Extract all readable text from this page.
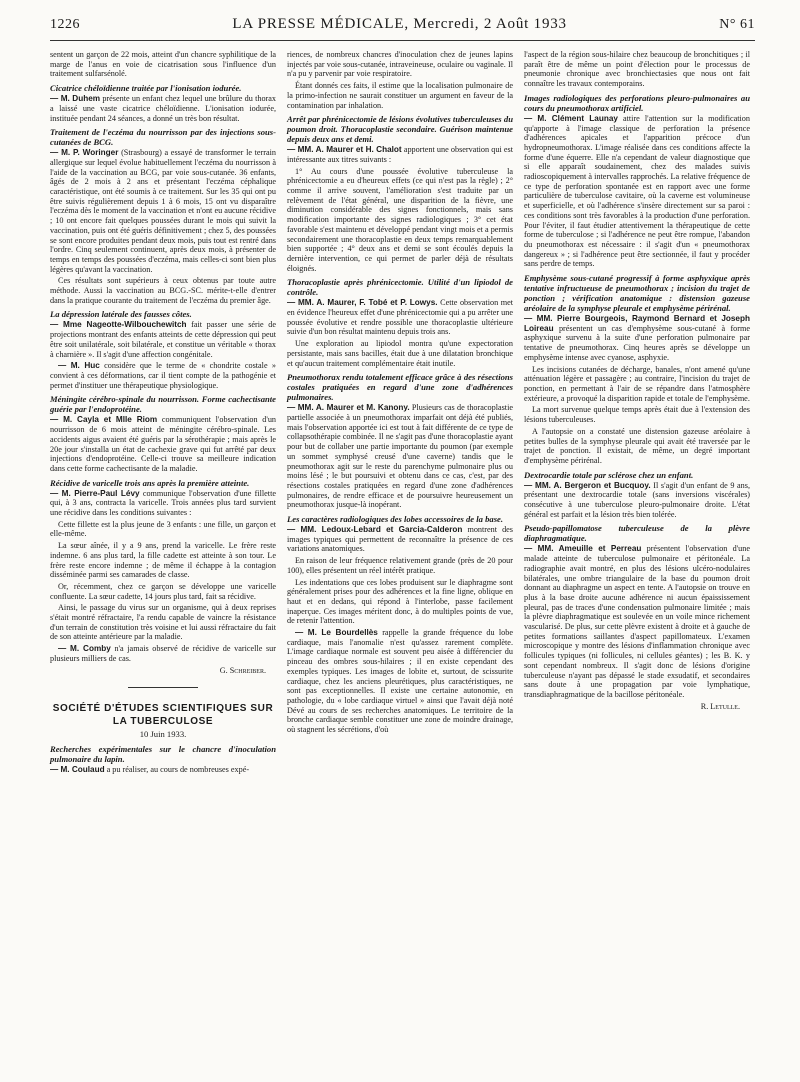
1226	LA PRESSE MÉDICALE, Mercredi, 2 Août 1933	N° 61

sentent un garçon de 22 mois, atteint d'un chancre syphilitique de la marge de l'anus en voie de cicatrisation sous l'influence d'un traitement sulfarsénolé.

Cicatrice chéloïdienne traitée par l'ionisation iodurée.

— M. Duhem présente un enfant chez lequel une brûlure du thorax a laissé une vaste cicatrice chéloïdienne. L'ionisation iodurée, instituée pendant 24 séances, a donné un très bon résultat.

Traitement de l'eczéma du nourrisson par des injections sous-cutanées de BCG.

— M. P. Woringer (Strasbourg) a essayé de transformer le terrain allergique sur lequel évolue habituellement l'eczéma du nourrisson à l'aide de la vaccination au BCG, par voie sous-cutanée. 36 enfants, âgés de 2 mois à 2 ans et présentant l'eczéma céphalique caractéristique, ont été soumis à ce traitement. Sur les 35 qui ont pu être suivis régulièrement depuis 1 à 6 mois, 15 ont vu disparaître l'eczéma dès le moment de la vaccination et n'ont eu aucune récidive ; 10 ont encore fait quelques poussées durant le mois qui suivit la vaccination, puis ont été guéris définitivement ; chez 5, des poussées se sont encore produites pendant deux mois, puis tout est rentré dans l'ordre. Cinq seulement continuent, après deux mois, à présenter de temps en temps des poussées d'eczéma, mais celles-ci sont bien plus légères qu'avant la vaccination.

Ces résultats sont supérieurs à ceux obtenus par toute autre méthode. Aussi la vaccination au BCG.-SC. mérite-t-elle d'entrer dans la pratique courante du traitement de l'eczéma du premier âge.

La dépression latérale des fausses côtes.

— Mme Nageotte-Wilbouchewitch fait passer une série de projections montrant des enfants atteints de cette dépression qui peut être soit unilatérale, soit bilatérale, et constitue un véritable « thorax à charnière ». Il s'agit d'une affection congénitale.

— M. Huc considère que le terme de « chondrite costale » convient à ces déformations, car il tient compte de la pathogénie et permet d'instituer une thérapeutique physiologique.

Méningite cérébro-spinale du nourrisson. Forme cachectisante guérie par l'endoprotéine.

— M. Cayla et Mlle Riom communiquent l'observation d'un nourrisson de 6 mois atteint de méningite cérébro-spinale. Les accidents aigus avaient été guéris par la sérothérapie ; mais après le 20e jour s'installa un état de cachexie grave qui fut arrêté par deux injections d'endoprotéine. Celle-ci trouve sa meilleure indication dans cette forme cachectisante de la maladie.

Récidive de varicelle trois ans après la première atteinte.

— M. Pierre-Paul Lévy communique l'observation d'une fillette qui, à 3 ans, contracta la varicelle. Trois années plus tard survient une récidive dans les conditions suivantes :

Cette fillette est la plus jeune de 3 enfants : une fille, un garçon et elle-même.

La sœur aînée, il y a 9 ans, prend la varicelle. Le frère reste indemne. 6 ans plus tard, la fille cadette est atteinte à son tour. Le frère reste encore indemne ; de même il échappe à la contagion disséminée parmi ses camarades de classe.

Or, récemment, chez ce garçon se développe une varicelle confluente. La sœur cadette, 14 jours plus tard, fait sa récidive.

Ainsi, le passage du virus sur un organisme, qui à deux reprises s'était montré réfractaire, l'a rendu capable de vaincre la résistance d'un terrain de constitution très voisine et lui aussi réfractaire du fait de son atteinte antérieure par la maladie.

— M. Comby n'a jamais observé de récidive de varicelle sur plusieurs milliers de cas.

G. Schreiber.
SOCIÉTÉ D'ÉTUDES SCIENTIFIQUES SUR LA TUBERCULOSE
10 Juin 1933.
Recherches expérimentales sur le chancre d'inoculation pulmonaire du lapin.

— M. Coulaud a pu réaliser, au cours de nombreuses expé-

riences, de nombreux chancres d'inoculation chez de jeunes lapins injectés par voie sous-cutanée, intraveineuse, oculaire ou vaginale. Il n'a pu y parvenir par voie respiratoire.

Étant donnés ces faits, il estime que la localisation pulmonaire de la primo-infection ne saurait constituer un argument en faveur de la contamination par inhalation.

Arrêt par phrénicectomie de lésions évolutives tuberculeuses du poumon droit. Thoracoplastie secondaire. Guérison maintenue depuis deux ans et demi.

— MM. A. Maurer et H. Chalot apportent une observation qui est intéressante aux titres suivants :

1° Au cours d'une poussée évolutive tuberculeuse la phrénicectomie a eu d'heureux effets (ce qui n'est pas la règle) ; 2° comme il arrive souvent, l'amélioration s'est traduite par un relèvement de l'état général, une disparition de la fièvre, une diminution considérable des signes fonctionnels, mais sans modification importante des signes radiologiques ; 3° cet état favorable s'est maintenu et développé pendant vingt mois et a permis secondairement une thoracoplastie en deux temps remarquablement bien supportée ; 4° deux ans et demi se sont écoulés depuis la dernière intervention, ce qui permet de parler déjà de résultats éloignés.

Thoracoplastie après phrénicectomie. Utilité d'un lipiodol de contrôle.

— MM. A. Maurer, F. Tobé et P. Lowys. Cette observation met en évidence l'heureux effet d'une phrénicectomie qui a pu arrêter une poussée évolutive et rendre possible une thoracoplastie ultérieure suivie d'un bon résultat maintenu depuis trois ans.

Une exploration au lipiodol montra qu'une expectoration persistante, mais sans bacilles, était due à une dilatation bronchique et qu'aucun traitement complémentaire était inutile.

Pneumothorax rendu totalement efficace grâce à des résections costales pratiquées en regard d'une zone d'adhérences pulmonaires.

— MM. A. Maurer et M. Kanony. Plusieurs cas de thoracoplastie partielle associée à un pneumothorax imparfait ont déjà été publiés, mais l'observation apportée ici est tout à fait différente de ce type de collapsothérapie combinée. Il ne s'agit pas d'une thoracoplastie ayant pour but de collaber une partie importante du poumon (par exemple un sommet symphysé creusé d'une caverne) tandis que le pneumothorax agit sur le reste du parenchyme pulmonaire plus ou moins lésé ; le but poursuivi et obtenu dans ce cas, c'est, par des résections costales pratiquées en regard d'une zone d'adhérences pulmonaires, de rendre efficace et de poursuivre heureusement un pneumothorax jusque-là inopérant.

Les caractères radiologiques des lobes accessoires de la base.

— MM. Ledoux-Lebard et Garcia-Calderon montrent des images typiques qui permettent de reconnaître la présence de ces variations anatomiques.

En raison de leur fréquence relativement grande (près de 20 pour 100), elles présentent un réel intérêt pratique.

Les indentations que ces lobes produisent sur le diaphragme sont généralement prises pour des adhérences et la fine ligne, oblique en haut et en dedans, qui répond à l'interlobe, passe facilement inaperçue. Ces images méritent donc, à do multiples points de vue, de retenir l'attention.

— M. Le Bourdellès rappelle la grande fréquence du lobe cardiaque, mais l'anomalie n'est qu'assez rarement complète. L'image cardiaque normale est souvent peu aisée à différencier du pinceau des ombres sous-hilaires ; il en existe cependant des exemples typiques. Les images de lobite et, surtout, de scissurite cardiaque, chez les anciens pleurétiques, plus caractéristiques, ne sont pas exceptionnelles. Il existe une certaine autonomie, en pathologie, du « lobe cardiaque virtuel » ainsi que l'avait déjà noté Dévé au cours de ses recherches anatomiques. Le territoire de la bronche cardiaque semble constituer une zone de moindre drainage, où stagnent les sécrétions, d'où

l'aspect de la région sous-hilaire chez beaucoup de bronchitiques ; il paraît être de même un point d'élection pour le processus de pneumonie chronique avec bronchiectasies que nous ont fait connaître les travaux contemporains.

Images radiologiques des perforations pleuro-pulmonaires au cours du pneumothorax artificiel.

— M. Clément Launay attire l'attention sur la modification qu'apporte à l'image classique de perforation la présence d'adhérences apicales et l'apparition précoce d'un hydropneumothorax. L'image réalisée dans ces conditions affecte la forme d'une équerre. Elle n'a cependant de valeur diagnostique que si elle apparaît soudainement, chez des malades suivis radioscopiquement à intervalles rapprochés. La relative fréquence de ce type de perforation spontanée est en rapport avec une forme particulière de tuberculose cavitaire, où la caverne est volumineuse et superficielle, et où l'adhérence s'insère directement sur sa paroi : ces conditions sont très favorables à la production d'une perforation. Pour l'éviter, il faut étudier attentivement la thérapeutique de cette forme de tuberculose ; si l'adhérence ne peut être rompue, l'abandon du pneumothorax est nécessaire : il s'agit d'un « pneumothorax dangereux » ; si l'adhérence peut être sectionnée, il faut y procéder sans perdre de temps.

Emphysème sous-cutané progressif à forme asphyxique après tentative infructueuse de pneumothorax ; incision du trajet de ponction ; vérification anatomique : distension gazeuse aréolaire de la symphyse pleurale et emphysème périrénal.

— MM. Pierre Bourgeois, Raymond Bernard et Joseph Loireau présentent un cas d'emphysème sous-cutané à forme asphyxique survenu à la suite d'une perforation pulmonaire par tentative de pneumothorax. Cinq heures après se développe un emphysème intense avec cyanose, asphyxie.

Les incisions cutanées de décharge, banales, n'ont amené qu'une atténuation légère et passagère ; au contraire, l'incision du trajet de ponction, en permettant à l'air de se répandre dans l'atmosphère extérieure, a provoqué la disparition rapide et totale de l'emphysème.

La mort survenue quelque temps après était due à l'extension des lésions tuberculeuses.

A l'autopsie on a constaté une distension gazeuse aréolaire à petites bulles de la symphyse pleurale qui avait été traversée par le trajet de ponction. Il existait, de même, un degré important d'emphysème périrénal.

Dextrocardie totale par sclérose chez un enfant.

— MM. A. Bergeron et Bucquoy. Il s'agit d'un enfant de 9 ans, présentant une dextrocardie totale (sans inversions viscérales) consécutive à une tuberculose pleuro-pulmonaire droite. L'état général est parfait et la lésion très bien tolérée.

Pseudo-papillomatose tuberculeuse de la plèvre diaphragmatique.

— MM. Ameuille et Perreau présentent l'observation d'une malade atteinte de tuberculose pulmonaire et péritonéale. La radiographie avait montré, en plus des lésions ulcéro-nodulaires bilatérales, une ombre triangulaire de la base du poumon droit donnant au diaphragme un aspect en tente. A l'autopsie on trouve en plus à la base droite aucune adhérence ni aucun épaississement pleural, pas de traces d'une condensation pulmonaire limitée ; mais la plèvre diaphragmatique est soulevée en un voile mince richement vascularisé. De plus, sur cette plèvre existent à droite et à gauche de petites formations saillantes d'aspect papillomateux. L'examen microscopique y montre des lésions d'inflammation chronique avec follicules typiques (ni follicules, ni cellules géantes) ; les B. K. y sont cependant nombreux. Il s'agit donc de lésions d'origine tuberculeuse n'ayant pas dépassé le stade exsudatif, et secondaires sans doute à une propagation par voie lymphatique, transdiaphragmatique de la bacillose péritonéale.

R. Letulle.
